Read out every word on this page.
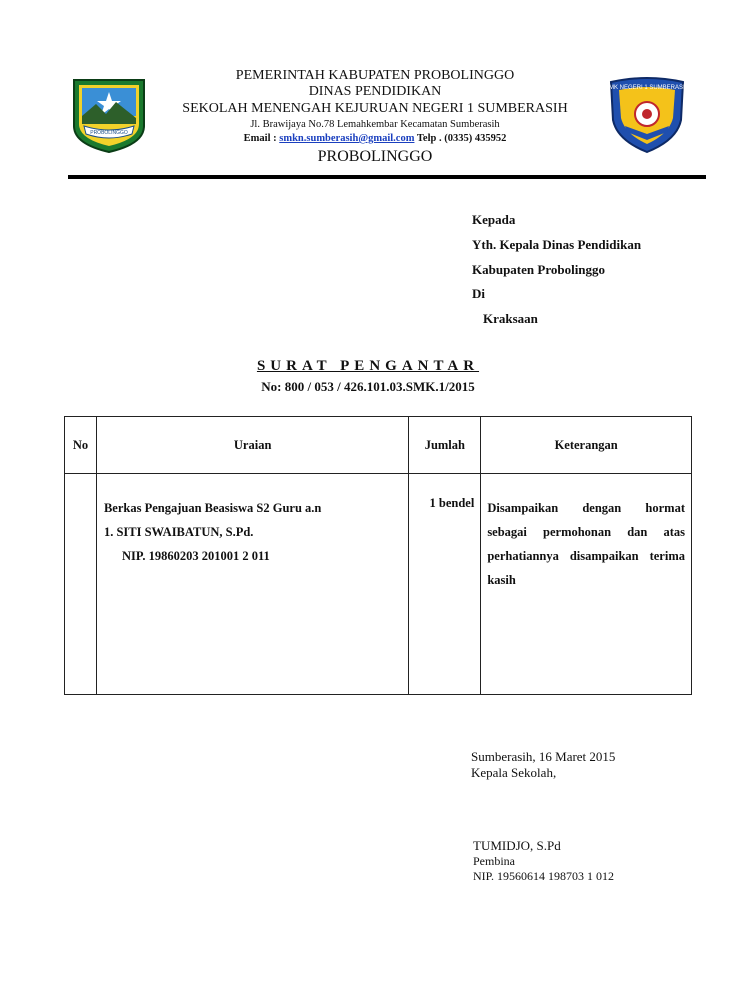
PROBOLINGGO
PEMERINTAH KABUPATEN PROBOLINGGO
DINAS PENDIDIKAN
SEKOLAH MENENGAH KEJURUAN NEGERI 1 SUMBERASIH
Jl. Brawijaya No.78 Lemahkembar Kecamatan Sumberasih
Email : smkn.sumberasih@gmail.com Telp . (0335) 435952
PROBOLINGGO
SMK NEGERI 1 SUMBERASIH
Kepada
Yth. Kepala Dinas Pendidikan
Kabupaten Probolinggo
Di
Kraksaan
SURAT PENGANTAR
No: 800 / 053 / 426.101.03.SMK.1/2015
No	Uraian	Jumlah	Keterangan

	Berkas Pengajuan Beasiswa S2 Guru a.n
1. SITI SWAIBATUN, S.Pd.
NIP. 19860203 201001 2 011	1 bendel	Disampaikan dengan hormat sebagai permohonan dan atas perhatiannya disampaikan terima kasih
Sumberasih, 16 Maret 2015
Kepala Sekolah,
TUMIDJO, S.Pd
Pembina
NIP. 19560614 198703 1 012
